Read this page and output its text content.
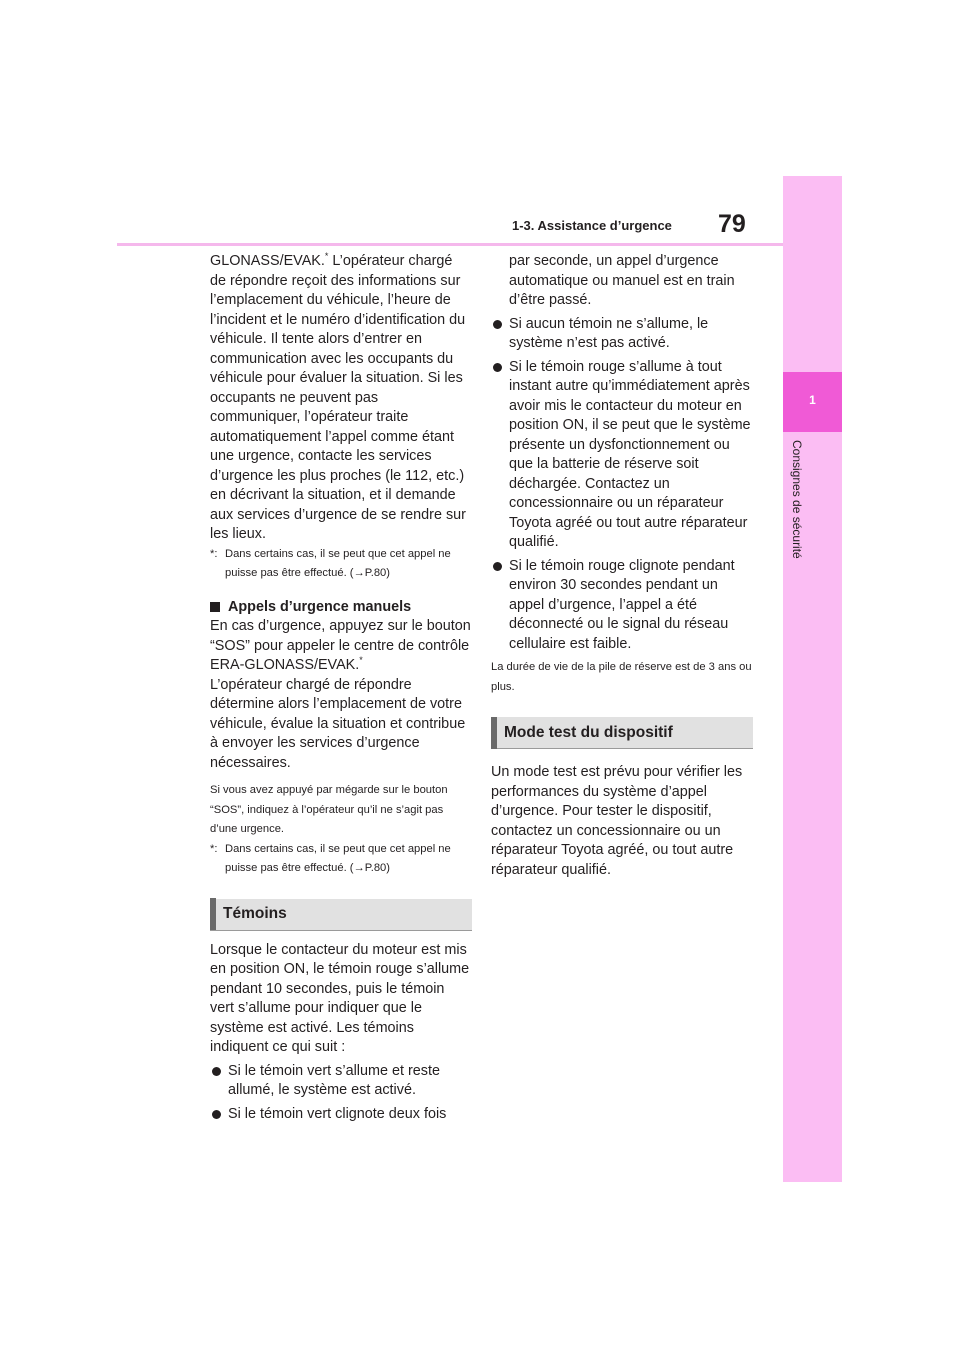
1-3. Assistance d’urgence 79
1
Consignes de sécurité

GLONASS/EVAK.* L’opérateur chargé de répondre reçoit des informations sur l’emplacement du véhicule, l’heure de l’incident et le numéro d’identification du véhicule. Il tente alors d’entrer en communication avec les occupants du véhicule pour évaluer la situation. Si les occupants ne peuvent pas communiquer, l’opérateur traite automatiquement l’appel comme étant une urgence, contacte les services d’urgence les plus proches (le 112, etc.) en décrivant la situation, et il demande aux services d’urgence de se rendre sur les lieux.

*: Dans certains cas, il se peut que cet appel ne puisse pas être effectué. (→P.80)
Appels d’urgence manuels

En cas d’urgence, appuyez sur le bouton “SOS” pour appeler le centre de contrôle ERA-GLONASS/EVAK.*
L’opérateur chargé de répondre détermine alors l’emplacement de votre véhicule, évalue la situation et contribue à envoyer les services d’urgence nécessaires.

Si vous avez appuyé par mégarde sur le bouton “SOS”, indiquez à l’opérateur qu’il ne s’agit pas d’une urgence.

*: Dans certains cas, il se peut que cet appel ne puisse pas être effectué. (→P.80)
Témoins

Lorsque le contacteur du moteur est mis en position ON, le témoin rouge s’allume pendant 10 secondes, puis le témoin vert s’allume pour indiquer que le système est activé. Les témoins indiquent ce qui suit :

Si le témoin vert s’allume et reste allumé, le système est activé.
Si le témoin vert clignote deux fois

par seconde, un appel d’urgence automatique ou manuel est en train d’être passé.

Si aucun témoin ne s’allume, le système n’est pas activé.
Si le témoin rouge s’allume à tout instant autre qu’immédiatement après avoir mis le contacteur du moteur en position ON, il se peut que le système présente un dysfonctionnement ou que la batterie de réserve soit déchargée. Contactez un concessionnaire ou un réparateur Toyota agréé ou tout autre réparateur qualifié.
Si le témoin rouge clignote pendant environ 30 secondes pendant un appel d’urgence, l’appel a été déconnecté ou le signal du réseau cellulaire est faible.

La durée de vie de la pile de réserve est de 3 ans ou plus.

Mode test du dispositif

Un mode test est prévu pour vérifier les performances du système d’appel d’urgence. Pour tester le dispositif, contactez un concessionnaire ou un réparateur Toyota agréé, ou tout autre réparateur qualifié.
